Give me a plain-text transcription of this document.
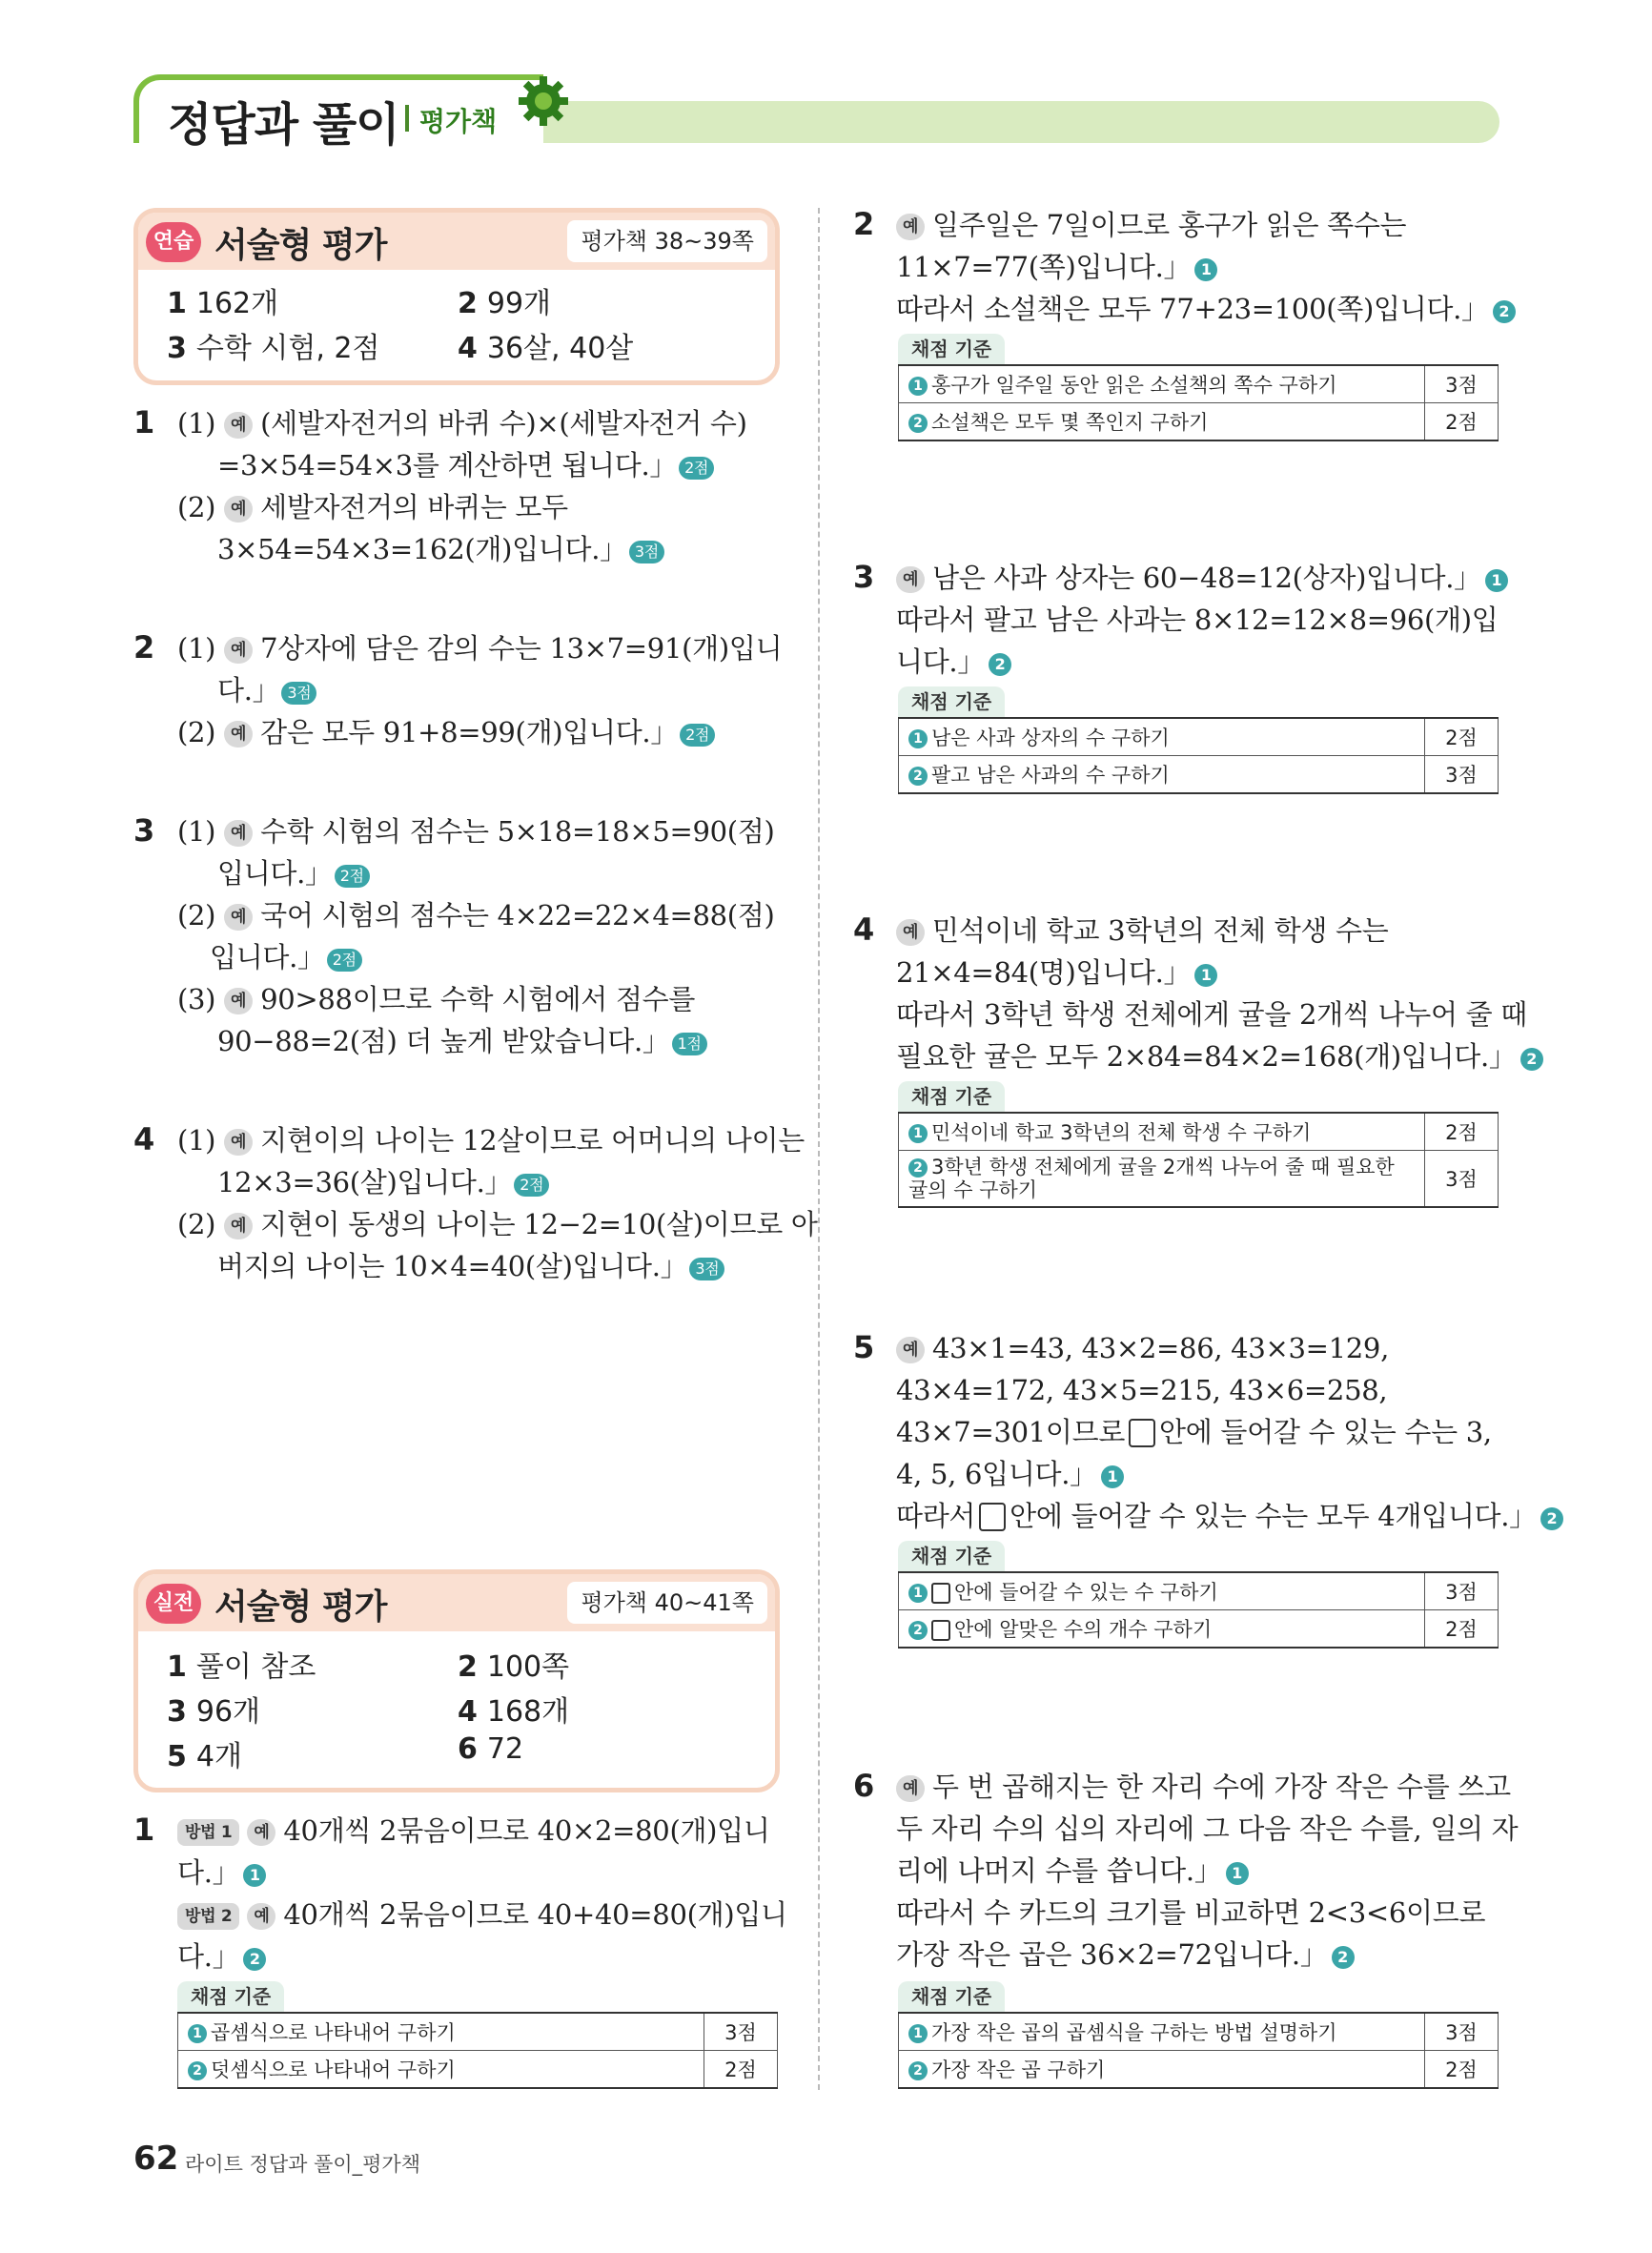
정답과 풀이 평가책
연습 서술형 평가	평가책 38~39쪽
1 162개	2 99개
3 수학 시험, 2점	4 36살, 40살
1 (1) 예 (세발자전거의 바퀴 수)×(세발자전거 수)
=3×54=54×3를 계산하면 됩니다.」 2점
(2) 예 세발자전거의 바퀴는 모두
3×54=54×3=162(개)입니다.」 3점
2 (1) 예 7상자에 담은 감의 수는 13×7=91(개)입니
다.」 3점
(2) 예 감은 모두 91+8=99(개)입니다.」 2점
3 (1) 예 수학 시험의 점수는 5×18=18×5=90(점)
입니다.」 2점
(2) 예 국어 시험의 점수는 4×22=22×4=88(점)
입니다.」 2점
(3) 예 90>88이므로 수학 시험에서 점수를
90−88=2(점) 더 높게 받았습니다.」 1점
4 (1) 예 지현이의 나이는 12살이므로 어머니의 나이는
12×3=36(살)입니다.」 2점
(2) 예 지현이 동생의 나이는 12−2=10(살)이므로 아
버지의 나이는 10×4=40(살)입니다.」 3점
실전 서술형 평가	평가책 40~41쪽
1 풀이 참조	2 100쪽
3 96개	4 168개
5 4개	6 72
1	방법 1 예 40개씩 2묶음이므로 40×2=80(개)입니
다.」 1
방법 2 예 40개씩 2묶음이므로 40+40=80(개)입니
다.」 2
채점 기준
1 곱셈식으로 나타내어 구하기	3점
2 덧셈식으로 나타내어 구하기	2점
2	예 일주일은 7일이므로 홍구가 읽은 쪽수는
11×7=77(쪽)입니다.」 1
따라서 소설책은 모두 77+23=100(쪽)입니다.」 2
채점 기준
1 홍구가 일주일 동안 읽은 소설책의 쪽수 구하기	3점
2 소설책은 모두 몇 쪽인지 구하기	2점
3	예 남은 사과 상자는 60−48=12(상자)입니다.」 1
따라서 팔고 남은 사과는 8×12=12×8=96(개)입
니다.」 2
채점 기준
1 남은 사과 상자의 수 구하기	2점
2 팔고 남은 사과의 수 구하기	3점
4	예 민석이네 학교 3학년의 전체 학생 수는
21×4=84(명)입니다.」 1
따라서 3학년 학생 전체에게 귤을 2개씩 나누어 줄 때
필요한 귤은 모두 2×84=84×2=168(개)입니다.」 2
채점 기준
1 민석이네 학교 3학년의 전체 학생 수 구하기	2점
2 3학년 학생 전체에게 귤을 2개씩 나누어 줄 때 필요한 귤의 수 구하기	3점
5	예 43×1=43, 43×2=86, 43×3=129,
43×4=172, 43×5=215, 43×6=258,
43×7=301이므로 안에 들어갈 수 있는 수는 3,
4, 5, 6입니다.」 1
따라서 안에 들어갈 수 있는 수는 모두 4개입니다.」 2
채점 기준
1 안에 들어갈 수 있는 수 구하기	3점
2 안에 알맞은 수의 개수 구하기	2점
6	예 두 번 곱해지는 한 자리 수에 가장 작은 수를 쓰고
두 자리 수의 십의 자리에 그 다음 작은 수를, 일의 자
리에 나머지 수를 씁니다.」 1
따라서 수 카드의 크기를 비교하면 2<3<6이므로
가장 작은 곱은 36×2=72입니다.」 2
채점 기준
1 가장 작은 곱의 곱셈식을 구하는 방법 설명하기	3점
2 가장 작은 곱 구하기	2점
62 라이트 정답과 풀이_평가책
